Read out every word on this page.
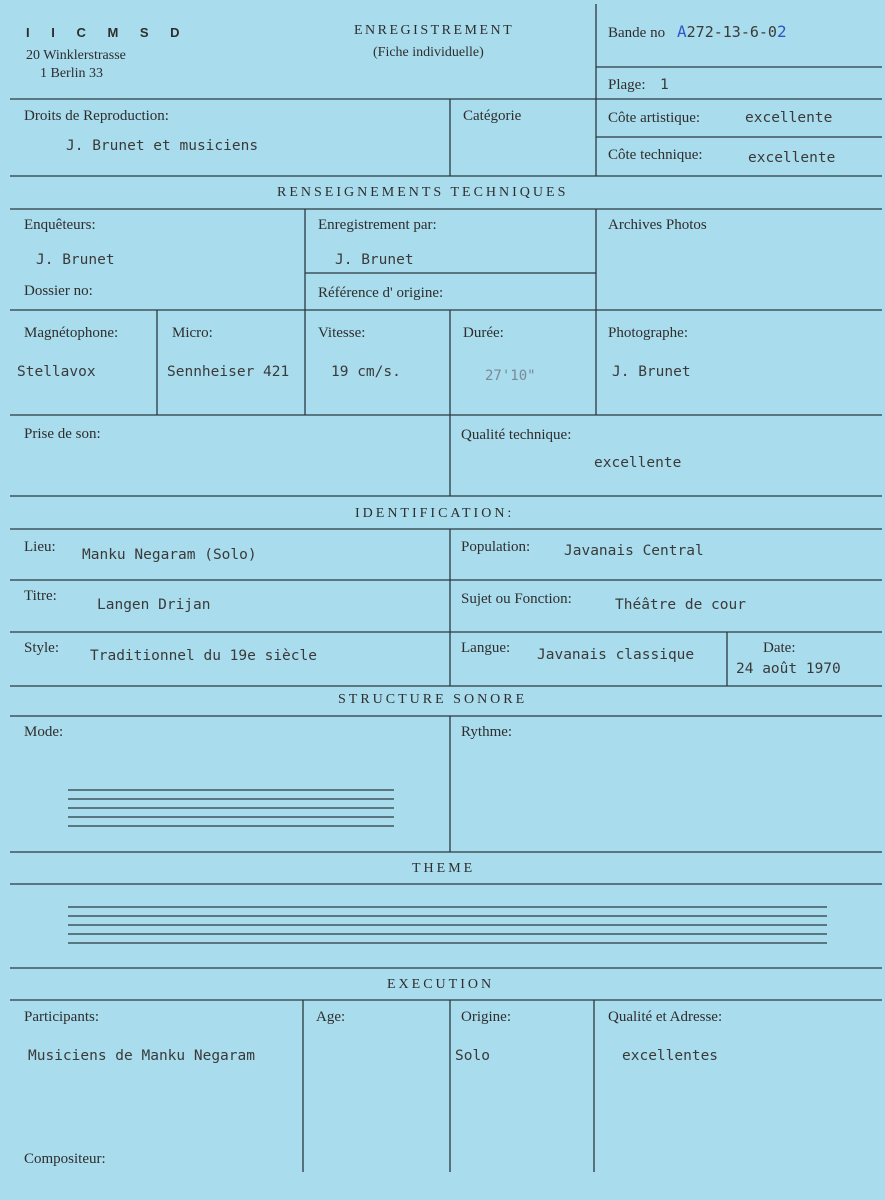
I I C M S D
20 Winklerstrasse
1 Berlin 33
ENREGISTREMENT
(Fiche individuelle)
Bande no A272-13-6-02
Plage: 1
Droits de Reproduction:
J. Brunet et musiciens
Catégorie	Côte artistique:	excellente
Côte technique:	excellente
RENSEIGNEMENTS TECHNIQUES
Enquêteurs:
J. Brunet
Enregistrement par:
J. Brunet
Archives Photos
Dossier no:	Référence d' origine:
Magnétophone:
Stellavox
Micro:
Sennheiser 421
Vitesse:
19 cm/s.
Durée:
27'10"
Photographe:
J. Brunet
Prise de son:	Qualité technique:
excellente
IDENTIFICATION:
Lieu: Manku Negaram (Solo)	Population: Javanais Central
Titre:
Langen Drijan	Sujet ou Fonction:	Théâtre de cour
Style: Traditionnel du 19e siècle	Langue: Javanais classique	Date:
24 août 1970
STRUCTURE SONORE
Mode:	Rythme:
THEME
EXECUTION
Participants:
Musiciens de Manku Negaram
Age:	Origine:
Solo
Qualité et Adresse:
excellentes
Compositeur:
